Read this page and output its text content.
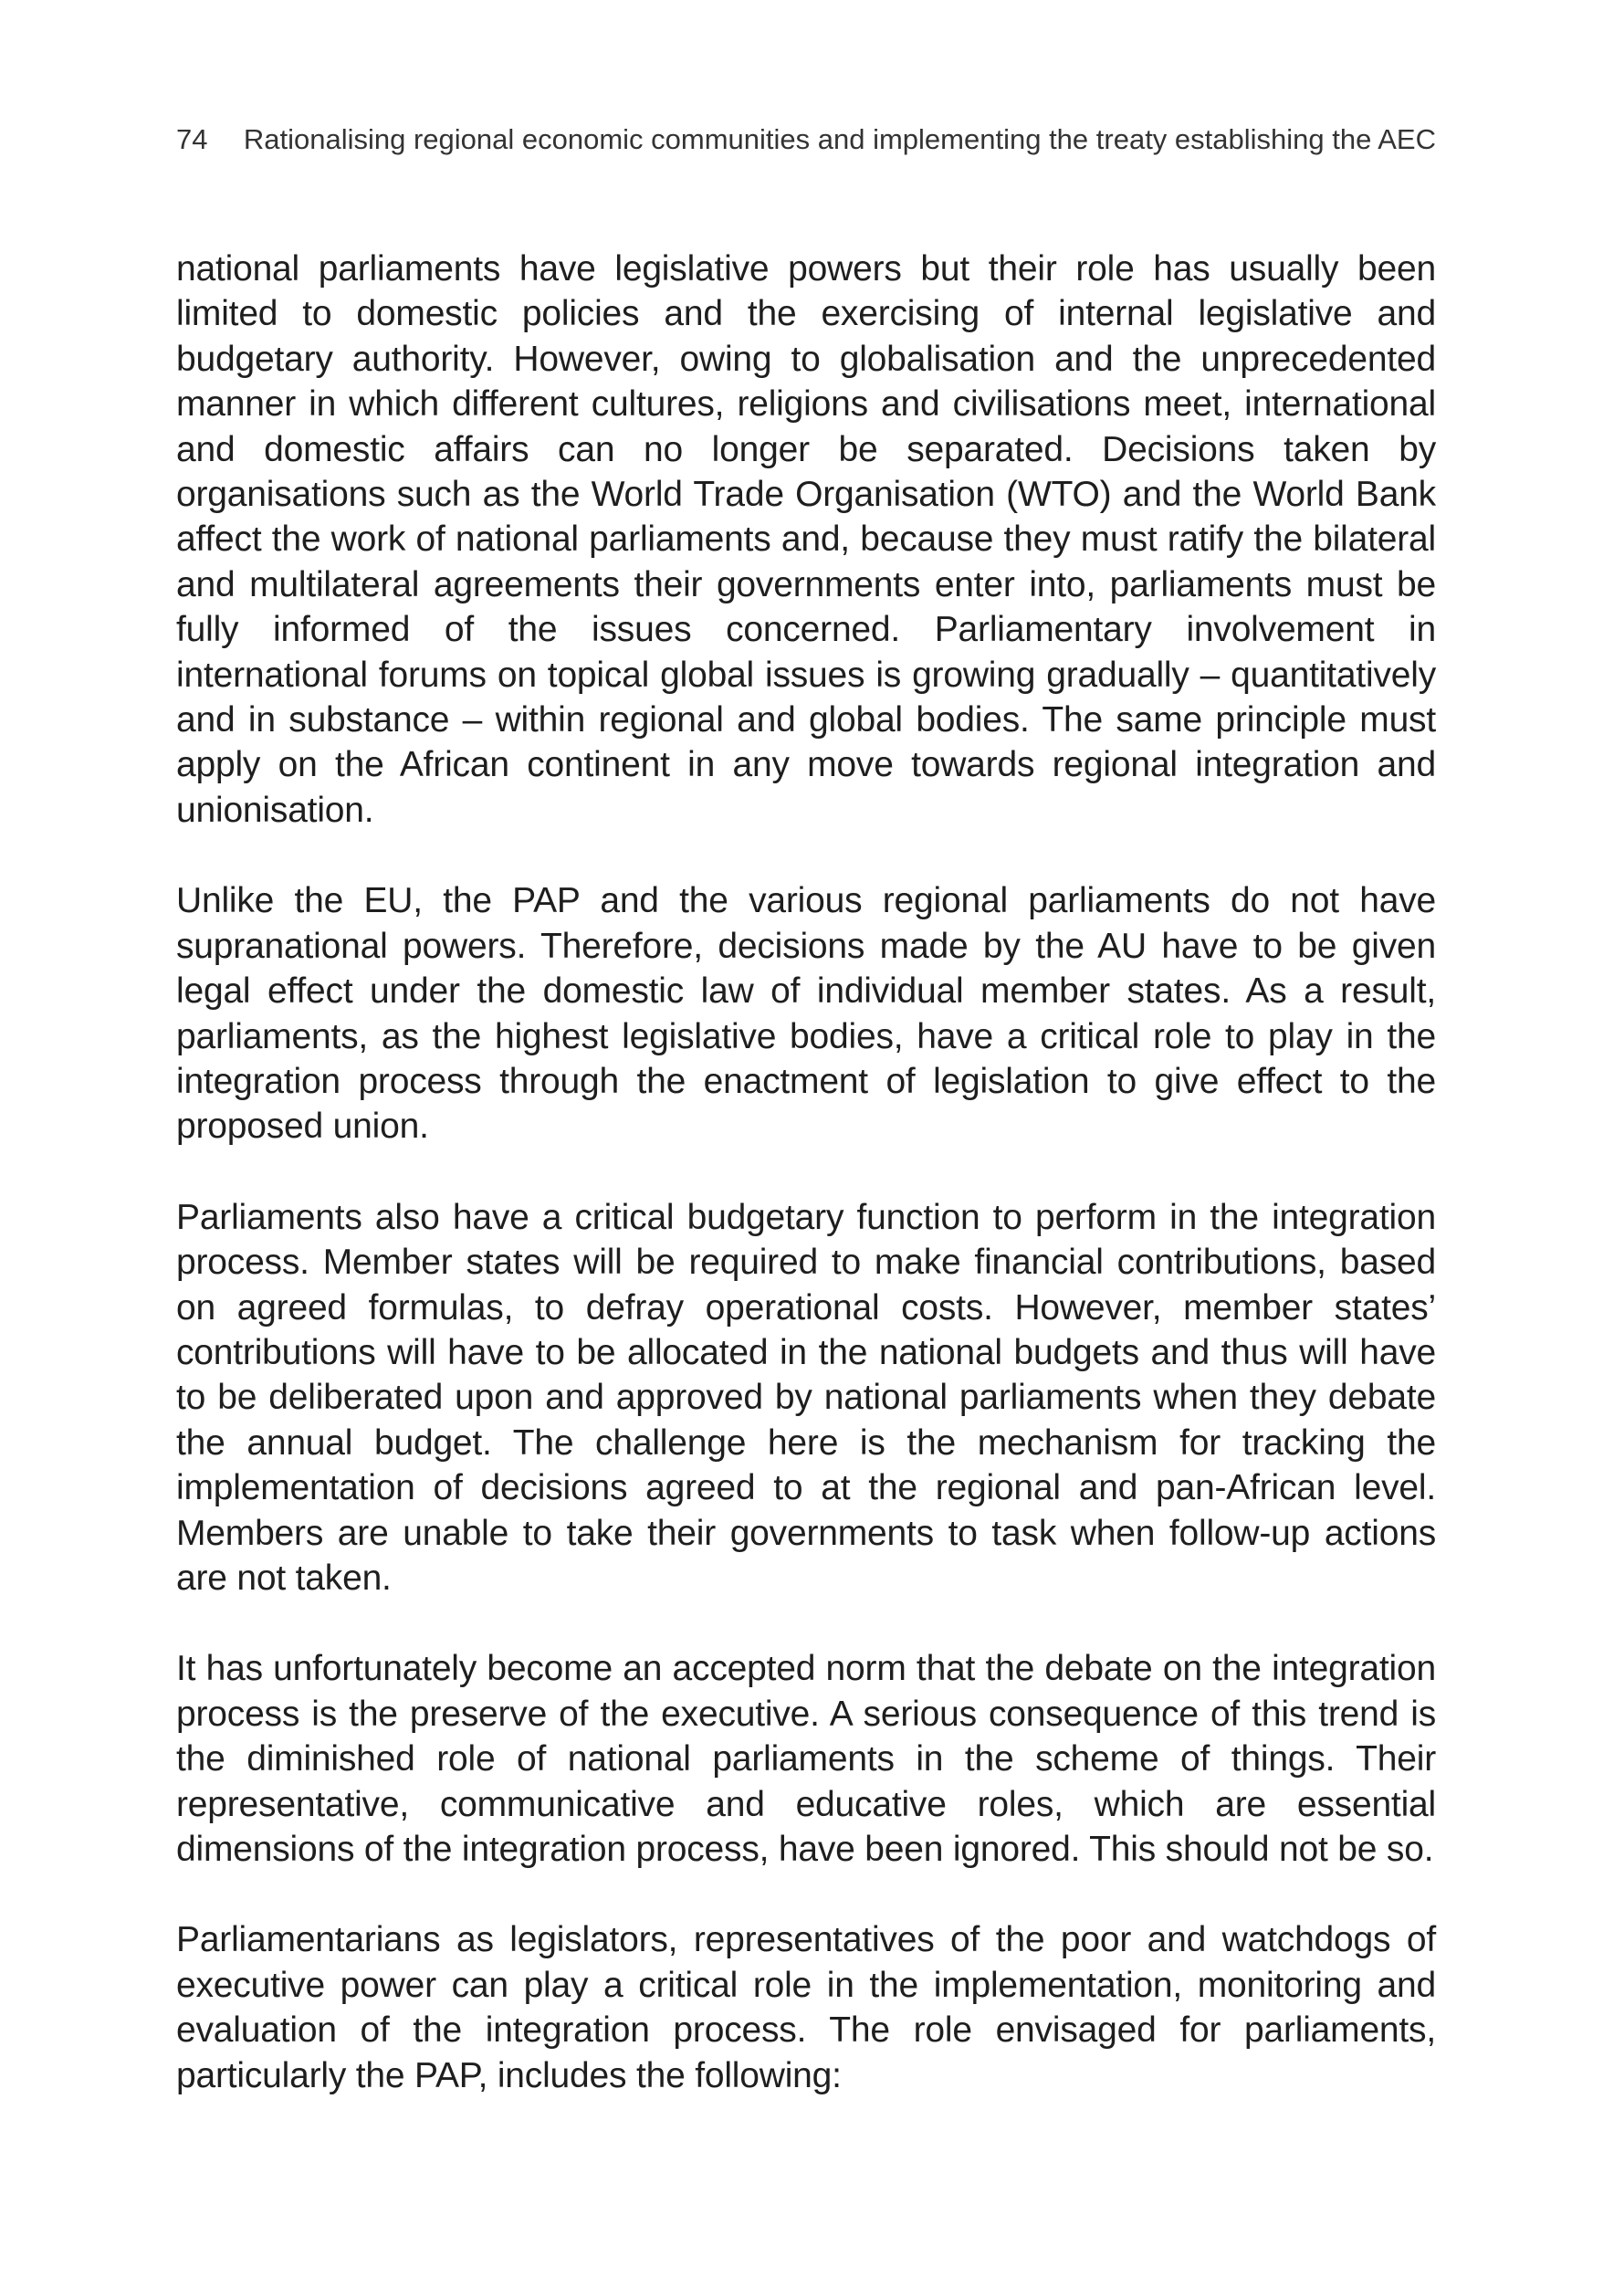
74 Rationalising regional economic communities and implementing the treaty establishing the AEC

national parliaments have legislative powers but their role has usually been limited to domestic policies and the exercising of internal legislative and budgetary authority. However, owing to globalisation and the unprecedented manner in which different cultures, religions and civilisations meet, international and domestic affairs can no longer be separated. Decisions taken by organisations such as the World Trade Organisation (WTO) and the World Bank affect the work of national parliaments and, because they must ratify the bilateral and multilateral agreements their governments enter into, parliaments must be fully informed of the issues concerned. Parliamentary involvement in international forums on topical global issues is growing gradually – quantitatively and in substance – within regional and global bodies. The same principle must apply on the African continent in any move towards regional integration and unionisation.

Unlike the EU, the PAP and the various regional parliaments do not have supranational powers. Therefore, decisions made by the AU have to be given legal effect under the domestic law of individual member states. As a result, parliaments, as the highest legislative bodies, have a critical role to play in the integration process through the enactment of legislation to give effect to the proposed union.

Parliaments also have a critical budgetary function to perform in the integration process. Member states will be required to make financial contributions, based on agreed formulas, to defray operational costs. However, member states’ contributions will have to be allocated in the national budgets and thus will have to be deliberated upon and approved by national parliaments when they debate the annual budget. The challenge here is the mechanism for tracking the implementation of decisions agreed to at the regional and pan-African level. Members are unable to take their governments to task when follow-up actions are not taken.

It has unfortunately become an accepted norm that the debate on the integration process is the preserve of the executive. A serious consequence of this trend is the diminished role of national parliaments in the scheme of things. Their representative, communicative and educative roles, which are essential dimensions of the integration process, have been ignored. This should not be so.

Parliamentarians as legislators, representatives of the poor and watchdogs of executive power can play a critical role in the implementation, monitoring and evaluation of the integration process. The role envisaged for parliaments, particularly the PAP, includes the following:
